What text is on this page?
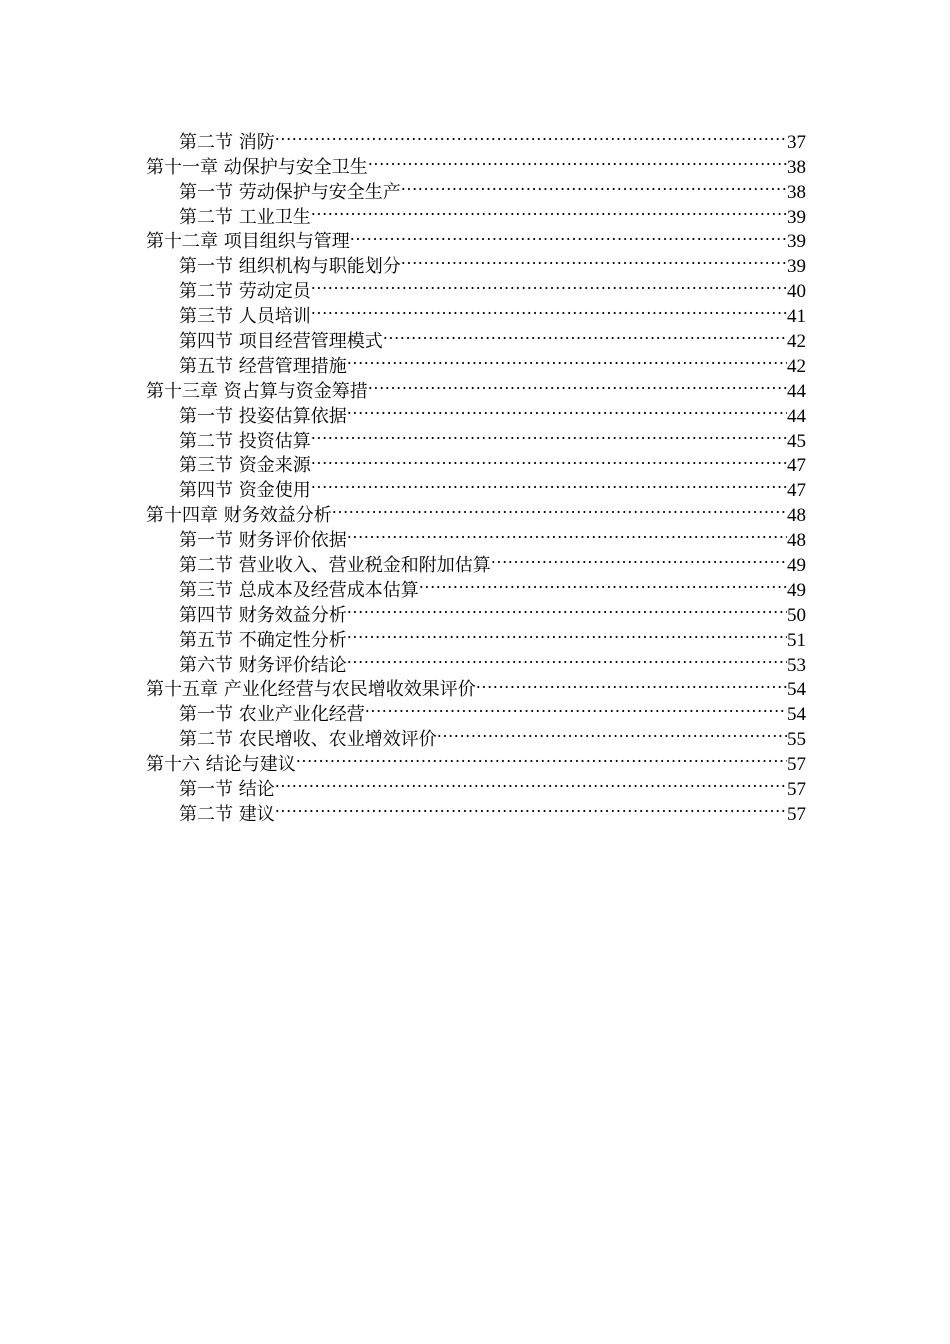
第二节 消防 .....	37
第十一章 动保护与安全卫生 .....	38
第一节 劳动保护与安全生产 .....	38
第二节 工业卫生 .....	39
第十二章 项目组织与管理 .....	39
第一节 组织机构与职能划分 .....	39
第二节 劳动定员 .....	40
第三节 人员培训 .....	41
第四节 项目经营管理模式 .....	42
第五节 经营管理措施 .....	42
第十三章 资占算与资金筹措 .....	44
第一节 投姿估算依据 .....	44
第二节 投资估算 .....	45
第三节 资金来源 .....	47
第四节 资金使用 .....	47
第十四章 财务效益分析 .....	48
第一节 财务评价依据 .....	48
第二节 营业收入、营业税金和附加估算 .....	49
第三节 总成本及经营成本估算 .....	49
第四节 财务效益分析 .....	50
第五节 不确定性分析 .....	51
第六节 财务评价结论 .....	53
第十五章 产业化经营与农民增收效果评价 .....	54
第一节 农业产业化经营 .....	54
第二节 农民增收、农业增效评价 .....	55
第十六 结论与建议 .....	57
第一节 结论 .....	57
第二节 建议 .....	57
